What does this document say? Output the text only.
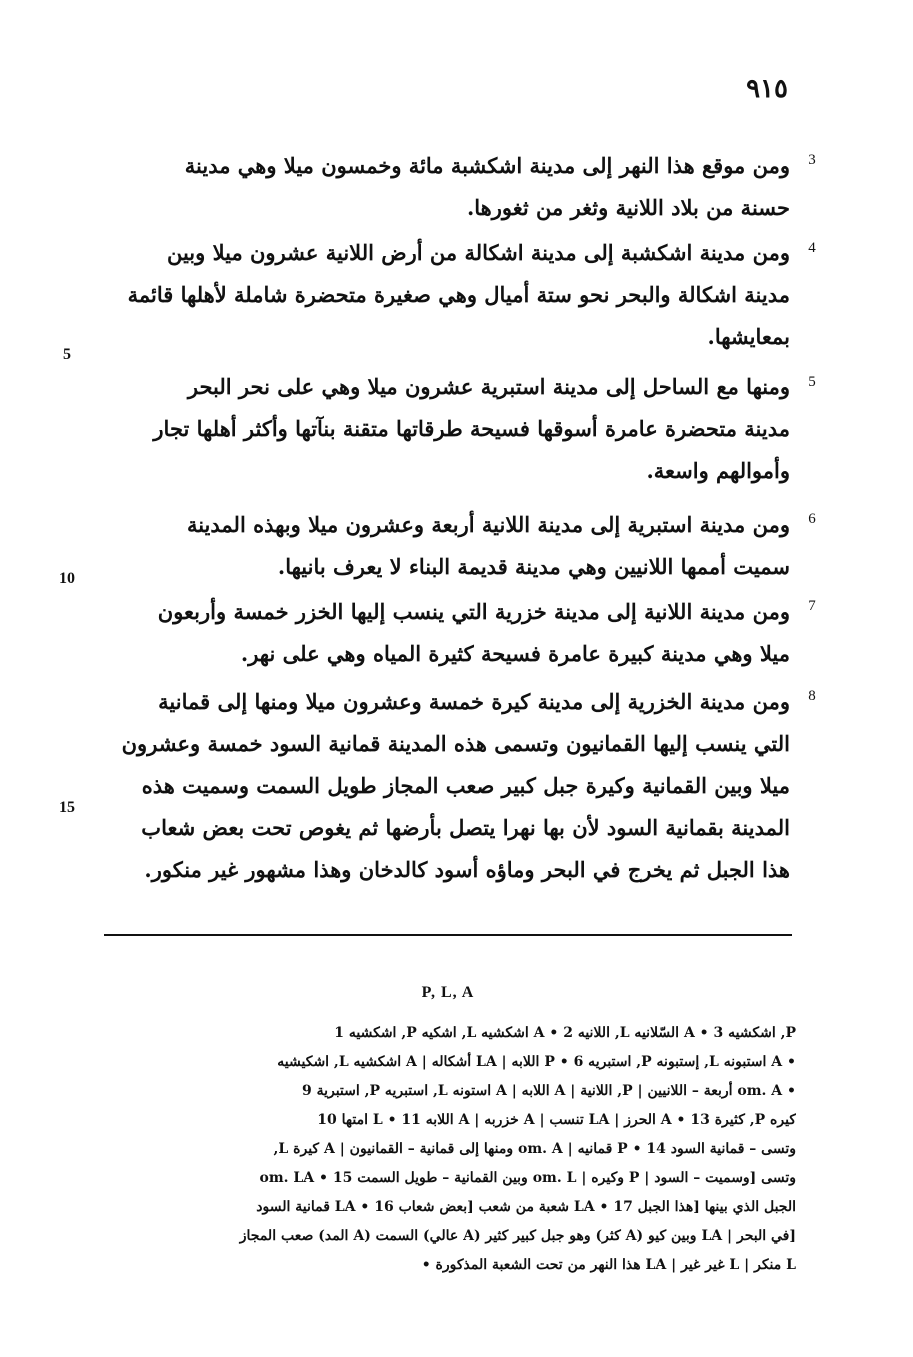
٩١٥
3
ومن موقع هذا النهر إلى مدينة اشكشبة مائة وخمسون ميلا وهي مدينة
حسنة من بلاد اللانية وثغر من ثغورها.
4
ومن مدينة اشكشبة إلى مدينة اشكالة من أرض اللانية عشرون ميلا وبين
مدينة اشكالة والبحر نحو ستة أميال وهي صغيرة متحضرة شاملة لأهلها قائمة
بمعايشها.
5
5
ومنها مع الساحل إلى مدينة استبرية عشرون ميلا وهي على نحر البحر
مدينة متحضرة عامرة أسوقها فسيحة طرقاتها متقنة بنآتها وأكثر أهلها تجار
وأموالهم واسعة.
6
ومن مدينة استبرية إلى مدينة اللانية أربعة وعشرون ميلا وبهذه المدينة
سميت أممها اللانيين وهي مدينة قديمة البناء لا يعرف بانيها.
10
7
ومن مدينة اللانية إلى مدينة خزرية التي ينسب إليها الخزر خمسة وأربعون
ميلا وهي مدينة كبيرة عامرة فسيحة كثيرة المياه وهي على نهر.
8
ومن مدينة الخزرية إلى مدينة كيرة خمسة وعشرون ميلا ومنها إلى قمانية
التي ينسب إليها القمانيون وتسمى هذه المدينة قمانية السود خمسة وعشرون
ميلا وبين القمانية وكيرة جبل كبير صعب المجاز طويل السمت وسميت هذه
المدينة بقمانية السود لأن بها نهرا يتصل بأرضها ثم يغوص تحت بعض شعاب
هذا الجبل ثم يخرج في البحر وماؤه أسود كالدخان وهذا مشهور غير منكور.
15
P, L, A
P, اشكشيه 3 • A السّلانيه L, اللانيه 2 • A اشكشيه L, اشكيه P, اشكشيه 1
• A استبونه L, إستبونه P, استبريه 6 • P اللابه | LA أشكاله | A اشكشيه L, اشكيشيه
• om. A أربعة – اللانيين | P, اللانية | A اللابه | A استونه L, استبريه P, استبرية 9
كيره P, كثيرة 13 • A الحرز | LA تنسب | A خزربه | A اللابه 11 • L امتها 10
وتسى – قمانية السود 14 • P قمانيه | om. A ومنها إلى قمانية – القمانيون | A كيرة L,
وتسى [وسميت – السود | P وكيره | om. L وبين القمانية – طويل السمت 15 • om. LA
الجبل الذي بينها [هذا الجبل 17 • LA شعبة من شعب [بعض شعاب 16 • LA قمانية السود
[في البحر | LA وبين كيو (A كثر) وهو جبل كبير كثير (A عالي) السمت (A المد) صعب المجاز
L منكر | L غير غير | LA هذا النهر من تحت الشعبة المذكورة •
